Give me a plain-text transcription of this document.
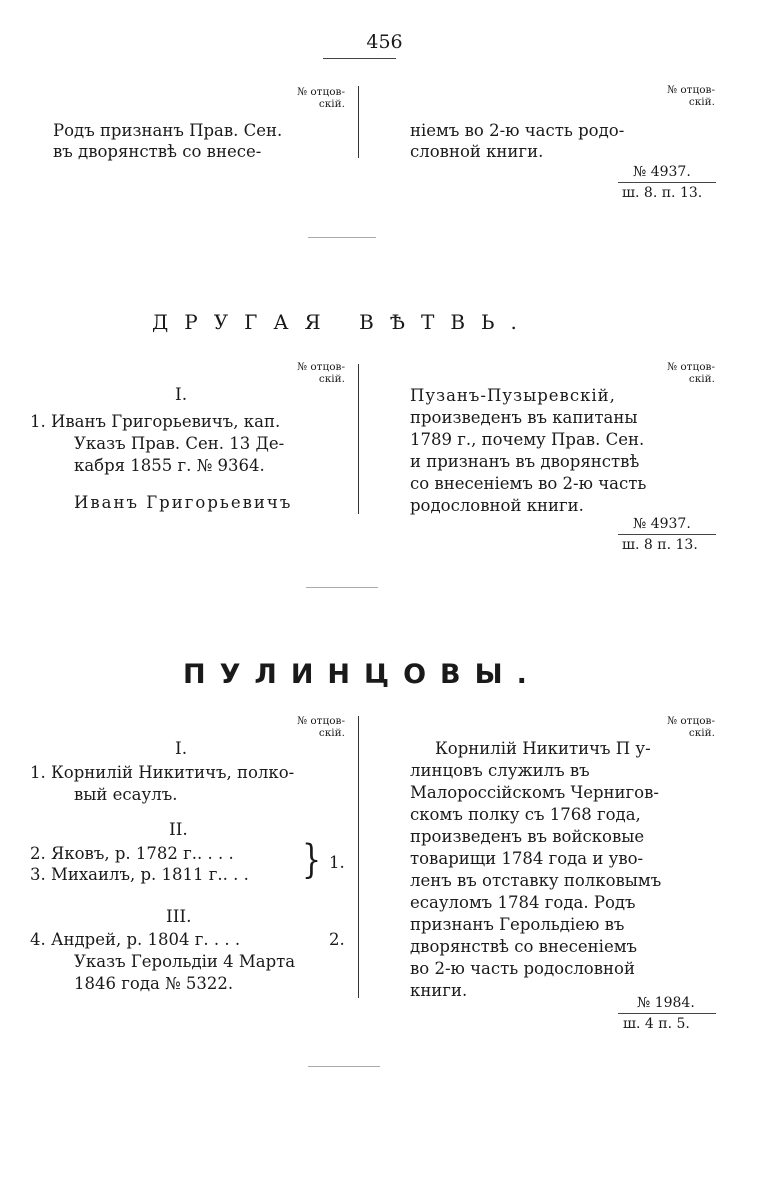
456
№ отцов-
скій.
№ отцов-
скій.
Родъ признанъ Прав. Сен.
въ дворянствѣ со внесе-
ніемъ во 2-ю часть родо-
словной книги.
№ 4937.
ш. 8. п. 13.
ДРУГАЯ ВѢТВЬ.
№ отцов-
скій.
№ отцов-
скій.
I.
1. Иванъ Григорьевичъ, кап.
Указъ Прав. Сен. 13 Де-
кабря 1855 г. № 9364.
Иванъ Григорьевичъ
Пузанъ-Пузыревскій,
произведенъ въ капитаны
1789 г., почему Прав. Сен.
и признанъ въ дворянствѣ
со внесеніемъ во 2-ю часть
родословной книги.
№ 4937.
ш. 8 п. 13.
ПУЛИНЦОВЫ.
№ отцов-
скій.
№ отцов-
скій.
I.
1. Корнилій Никитичъ, полко-
вый есаулъ.
II.
2. Яковъ, р. 1782 г.. . . .
3. Михаилъ, р. 1811 г.. . . } 1.
III.
4. Андрей, р. 1804 г. . . .	2.
Указъ Герольдіи 4 Марта
1846 года № 5322.
Корнилій Никитичъ П у-
линцовъ служилъ въ
Малороссійскомъ Чернигов-
скомъ полку съ 1768 года,
произведенъ въ войсковые
товарищи 1784 года и уво-
ленъ въ отставку полковымъ
есауломъ 1784 года. Родъ
признанъ Герольдіею въ
дворянствѣ со внесеніемъ
во 2-ю часть родословной
книги.
№ 1984.
ш. 4 п. 5.
